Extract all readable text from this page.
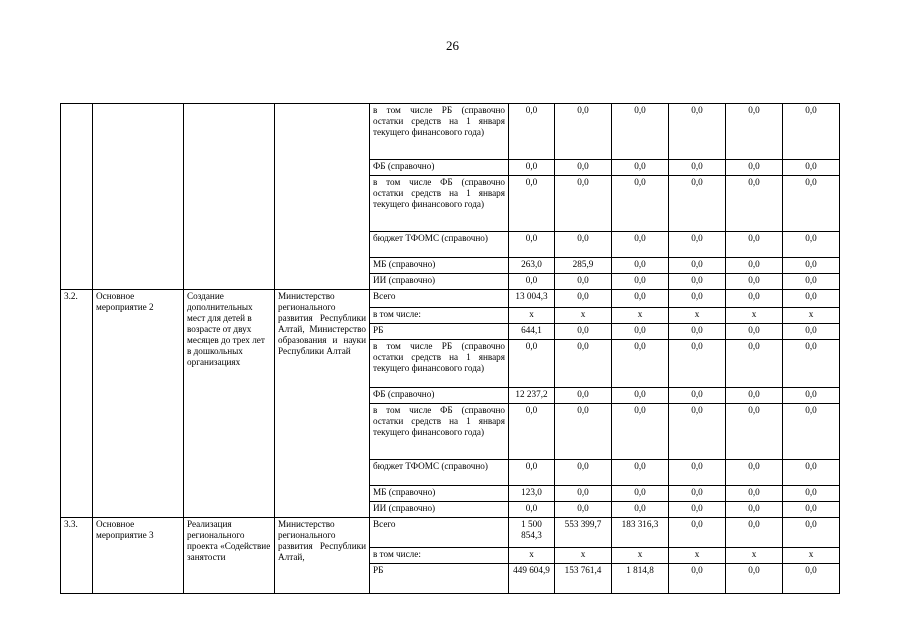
26
				в том числе РБ (справочно остатки средств на 1 января текущего финансового года)	0,0	0,0	0,0	0,0	0,0	0,0
				ФБ (справочно)	0,0	0,0	0,0	0,0	0,0	0,0
				в том числе ФБ (справочно остатки средств на 1 января текущего финансового года)	0,0	0,0	0,0	0,0	0,0	0,0
				бюджет ТФОМС (справочно)	0,0	0,0	0,0	0,0	0,0	0,0
				МБ (справочно)	263,0	285,9	0,0	0,0	0,0	0,0
				ИИ (справочно)	0,0	0,0	0,0	0,0	0,0	0,0
3.2.	Основное мероприятие 2	Создание дополнительных мест для детей в возрасте от двух месяцев до трех лет в дошкольных организациях	Министерство регионального развития Республики Алтай, Министерство образования и науки Республики Алтай	Всего	13 004,3	0,0	0,0	0,0	0,0	0,0
				в том числе:	х	х	х	х	х	х
				РБ	644,1	0,0	0,0	0,0	0,0	0,0
				в том числе РБ (справочно остатки средств на 1 января текущего финансового года)	0,0	0,0	0,0	0,0	0,0	0,0
				ФБ (справочно)	12 237,2	0,0	0,0	0,0	0,0	0,0
				в том числе ФБ (справочно остатки средств на 1 января текущего финансового года)	0,0	0,0	0,0	0,0	0,0	0,0
				бюджет ТФОМС (справочно)	0,0	0,0	0,0	0,0	0,0	0,0
				МБ (справочно)	123,0	0,0	0,0	0,0	0,0	0,0
				ИИ (справочно)	0,0	0,0	0,0	0,0	0,0	0,0
3.3.	Основное мероприятие 3	Реализация регионального проекта «Содействие занятости	Министерство регионального развития Республики Алтай,	Всего	1 500 854,3	553 399,7	183 316,3	0,0	0,0	0,0
				в том числе:	х	х	х	х	х	х
				РБ	449 604,9	153 761,4	1 814,8	0,0	0,0	0,0
